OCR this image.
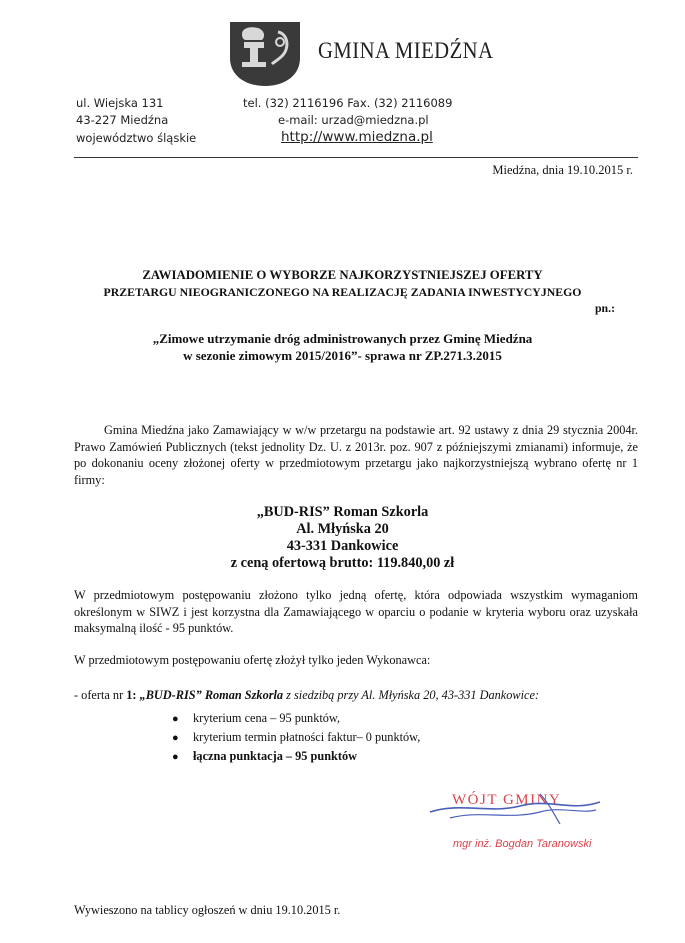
GMINA MIEDŹNA
ul. Wiejska 131
43-227 Miedźna
województwo śląskie
tel. (32) 2116196 Fax. (32) 2116089
e-mail: urzad@miedzna.pl
http://www.miedzna.pl
Miedźna, dnia 19.10.2015 r.
ZAWIADOMIENIE O WYBORZE NAJKORZYSTNIEJSZEJ OFERTY
PRZETARGU NIEOGRANICZONEGO NA REALIZACJĘ ZADANIA INWESTYCYJNEGO
pn.:
„Zimowe utrzymanie dróg administrowanych przez Gminę Miedźna
w sezonie zimowym 2015/2016”- sprawa nr ZP.271.3.2015
Gmina Miedźna jako Zamawiający w w/w przetargu na podstawie art. 92 ustawy z dnia 29 stycznia 2004r. Prawo Zamówień Publicznych (tekst jednolity Dz. U. z 2013r. poz. 907 z późniejszymi zmianami) informuje, że po dokonaniu oceny złożonej oferty w przedmiotowym przetargu jako najkorzystniejszą wybrano ofertę nr 1 firmy:
„BUD-RIS” Roman Szkorla
Al. Młyńska 20
43-331 Dankowice
z ceną ofertową brutto: 119.840,00 zł
W przedmiotowym postępowaniu złożono tylko jedną ofertę, która odpowiada wszystkim wymaganiom określonym w SIWZ i jest korzystna dla Zamawiającego w oparciu o podanie w kryteria wyboru oraz uzyskała maksymalną ilość - 95 punktów.
W przedmiotowym postępowaniu ofertę złożył tylko jeden Wykonawca:
- oferta nr 1: „BUD-RIS” Roman Szkorla z siedzibą przy Al. Młyńska 20, 43-331 Dankowice:
● kryterium cena – 95 punktów,
● kryterium termin płatności faktur– 0 punktów,
● łączna punktacja – 95 punktów
WÓJT GMINY
mgr inż. Bogdan Taranowski
Wywieszono na tablicy ogłoszeń w dniu 19.10.2015 r.
